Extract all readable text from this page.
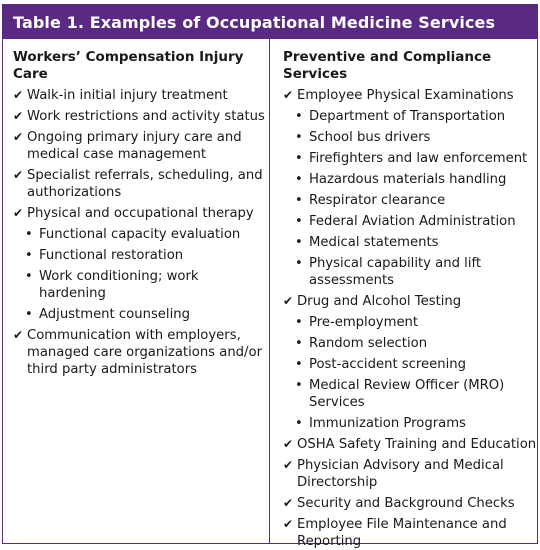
Table 1. Examples of Occupational Medicine Services
Workers’ Compensation Injury Care
✔ Walk-in initial injury treatment
✔ Work restrictions and activity status
✔ Ongoing primary injury care and medical case management
✔ Specialist referrals, scheduling, and authorizations
✔ Physical and occupational therapy
• Functional capacity evaluation
• Functional restoration
• Work conditioning; work hardening
• Adjustment counseling
✔ Communication with employers, managed care organizations and/or third party administrators
Preventive and Compliance Services
✔ Employee Physical Examinations
• Department of Transportation
• School bus drivers
• Firefighters and law enforcement
• Hazardous materials handling
• Respirator clearance
• Federal Aviation Administration
• Medical statements
• Physical capability and lift assessments
✔ Drug and Alcohol Testing
• Pre-employment
• Random selection
• Post-accident screening
• Medical Review Officer (MRO) Services
• Immunization Programs
✔ OSHA Safety Training and Education
✔ Physician Advisory and Medical Directorship
✔ Security and Background Checks
✔ Employee File Maintenance and Reporting
